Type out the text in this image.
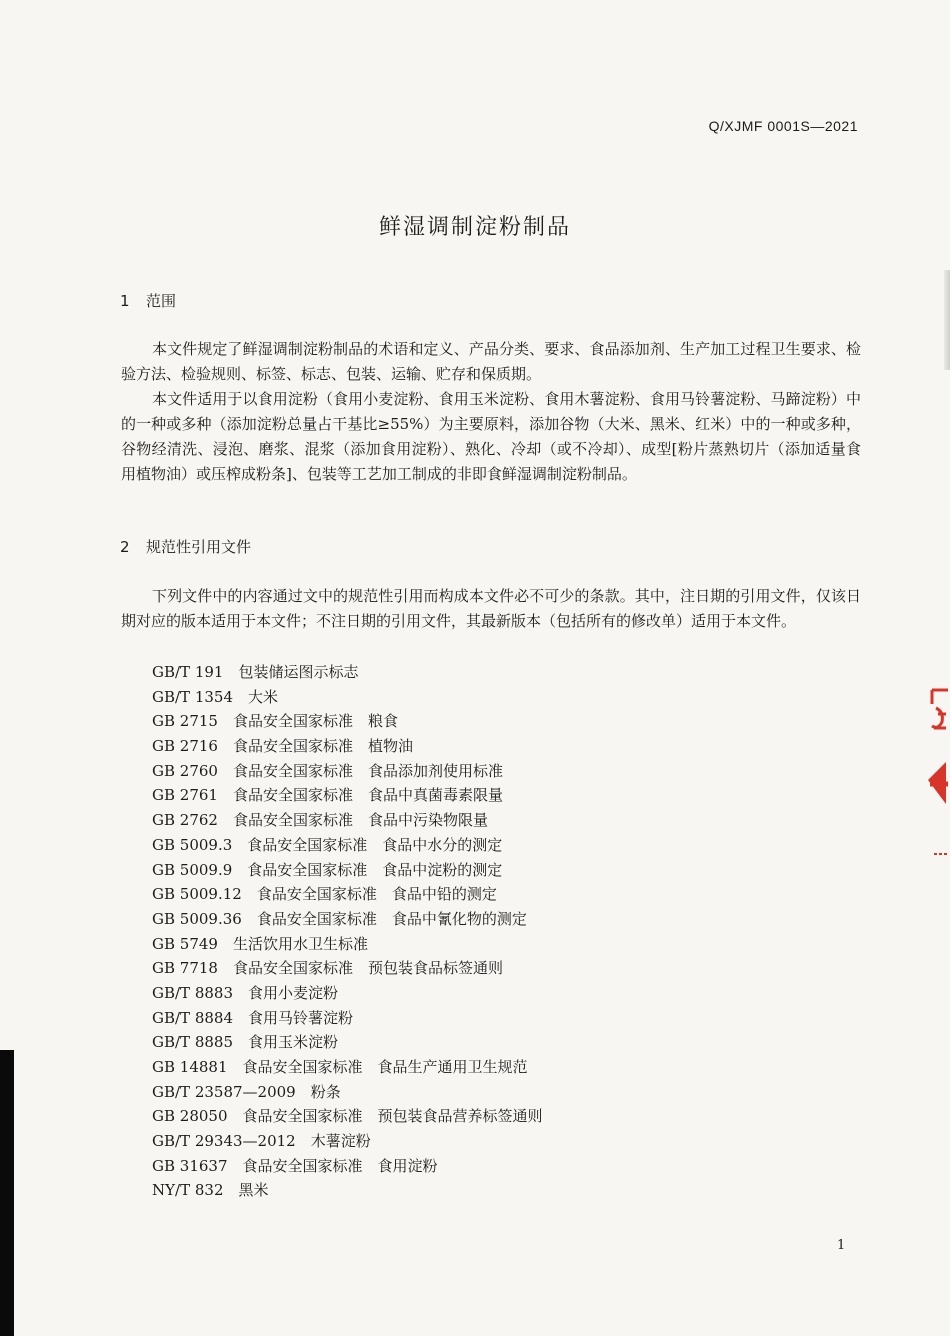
Q/XJMF 0001S—2021
鲜湿调制淀粉制品
1 范围

本文件规定了鲜湿调制淀粉制品的术语和定义、产品分类、要求、食品添加剂、生产加工过程卫生要求、检验方法、检验规则、标签、标志、包装、运输、贮存和保质期。

本文件适用于以食用淀粉（食用小麦淀粉、食用玉米淀粉、食用木薯淀粉、食用马铃薯淀粉、马蹄淀粉）中的一种或多种（添加淀粉总量占干基比≥55%）为主要原料，添加谷物（大米、黑米、红米）中的一种或多种，谷物经清洗、浸泡、磨浆、混浆（添加食用淀粉）、熟化、冷却（或不冷却）、成型[粉片蒸熟切片（添加适量食用植物油）或压榨成粉条]、包装等工艺加工制成的非即食鲜湿调制淀粉制品。

2 规范性引用文件

下列文件中的内容通过文中的规范性引用而构成本文件必不可少的条款。其中，注日期的引用文件，仅该日期对应的版本适用于本文件；不注日期的引用文件，其最新版本（包括所有的修改单）适用于本文件。

GB/T 191　 包装储运图示标志
GB/T 1354　 大米
GB 2715　 食品安全国家标准　粮食
GB 2716　 食品安全国家标准　植物油
GB 2760　 食品安全国家标准　食品添加剂使用标准
GB 2761　 食品安全国家标准　食品中真菌毒素限量
GB 2762　 食品安全国家标准　食品中污染物限量
GB 5009.3　 食品安全国家标准　食品中水分的测定
GB 5009.9　 食品安全国家标准　食品中淀粉的测定
GB 5009.12　 食品安全国家标准　食品中铅的测定
GB 5009.36　 食品安全国家标准　食品中氰化物的测定
GB 5749　 生活饮用水卫生标准
GB 7718　 食品安全国家标准　预包装食品标签通则
GB/T 8883　 食用小麦淀粉
GB/T 8884　 食用马铃薯淀粉
GB/T 8885　 食用玉米淀粉
GB 14881　 食品安全国家标准　食品生产通用卫生规范
GB/T 23587—2009　 粉条
GB 28050　 食品安全国家标准　预包装食品营养标签通则
GB/T 29343—2012　 木薯淀粉
GB 31637　 食品安全国家标准　食用淀粉
NY/T 832　 黑米
1
